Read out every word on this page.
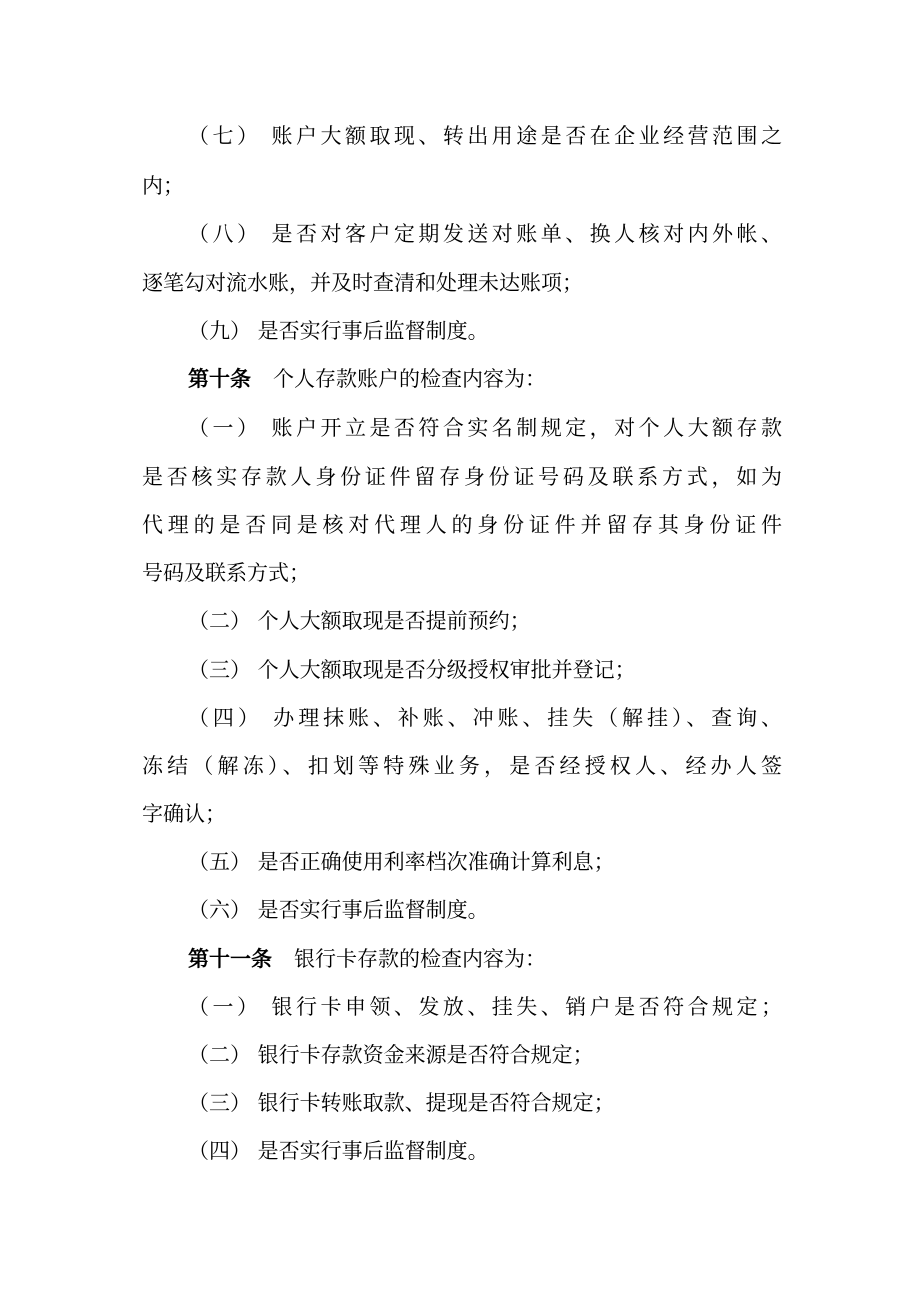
（七） 账户大额取现、转出用途是否在企业经营范围之
内；
（八） 是否对客户定期发送对账单、换人核对内外帐、
逐笔勾对流水账，并及时查清和处理未达账项；
（九） 是否实行事后监督制度。
第十条 个人存款账户的检查内容为：
（一） 账户开立是否符合实名制规定，对个人大额存款
是否核实存款人身份证件留存身份证号码及联系方式，如为
代理的是否同是核对代理人的身份证件并留存其身份证件
号码及联系方式；
（二） 个人大额取现是否提前预约；
（三） 个人大额取现是否分级授权审批并登记；
（四） 办理抹账、补账、冲账、挂失（解挂）、查询、
冻结（解冻）、扣划等特殊业务，是否经授权人、经办人签
字确认；
（五） 是否正确使用利率档次准确计算利息；
（六） 是否实行事后监督制度。
第十一条 银行卡存款的检查内容为：
（一） 银行卡申领、发放、挂失、销户是否符合规定；
（二） 银行卡存款资金来源是否符合规定；
（三） 银行卡转账取款、提现是否符合规定；
（四） 是否实行事后监督制度。
